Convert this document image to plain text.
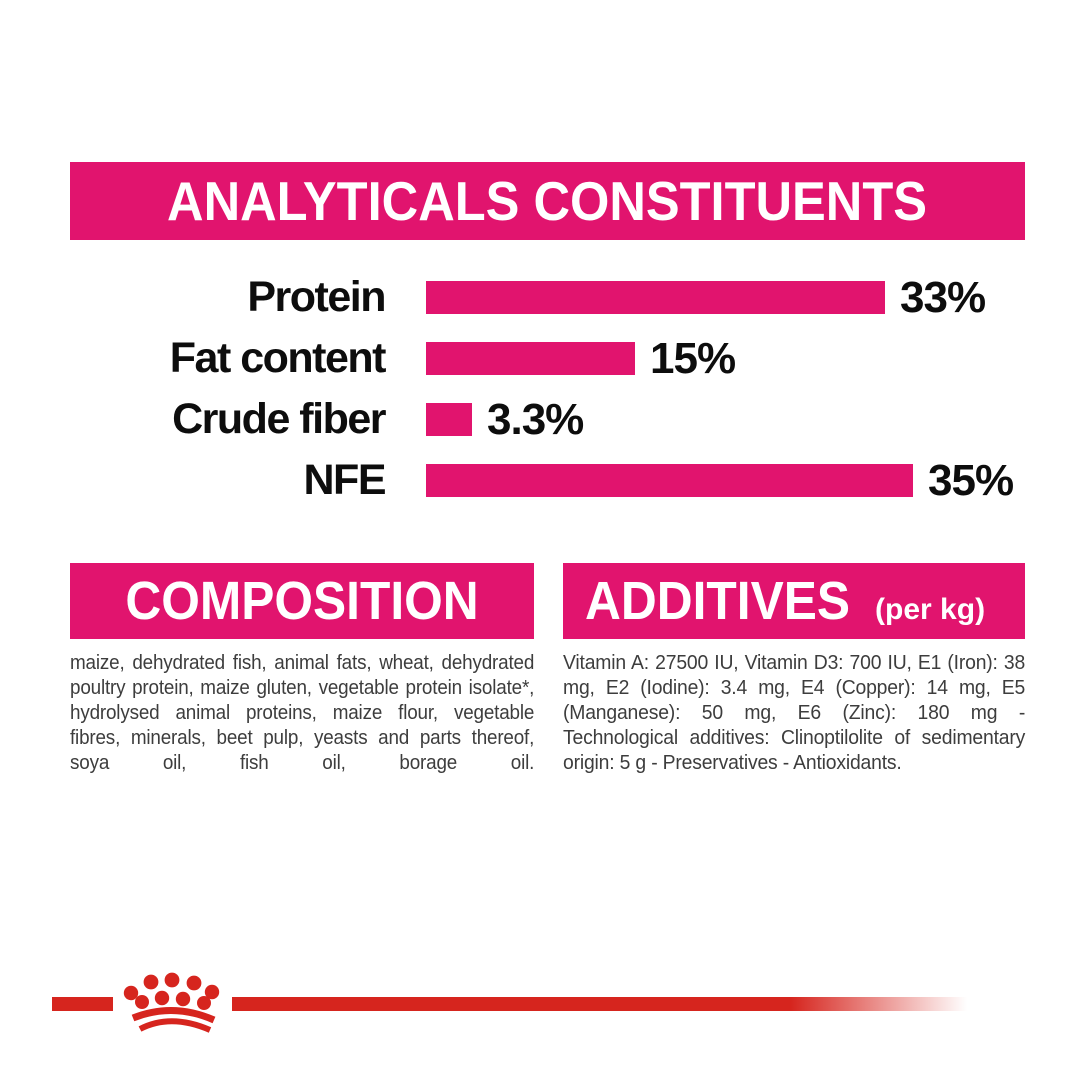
ANALYTICALS CONSTITUENTS
Protein	33%
Fat content	15%
Crude fiber 3.3%
NFE	35%
COMPOSITION

maize, dehydrated fish, animal fats, wheat, dehydrated poultry protein, maize gluten, vegetable protein isolate*, hydrolysed animal proteins, maize flour, vegetable fibres, minerals, beet pulp, yeasts and parts thereof, soya oil, fish oil, borage oil.

ADDITIVES (per kg)

Vitamin A: 27500 IU, Vitamin D3: 700 IU, E1 (Iron): 38 mg, E2 (Iodine): 3.4 mg, E4 (Copper): 14 mg, E5 (Manganese): 50 mg, E6 (Zinc): 180 mg - Technological additives: Clinoptilolite of sedimentary origin: 5 g - Preservatives - Antioxidants.
